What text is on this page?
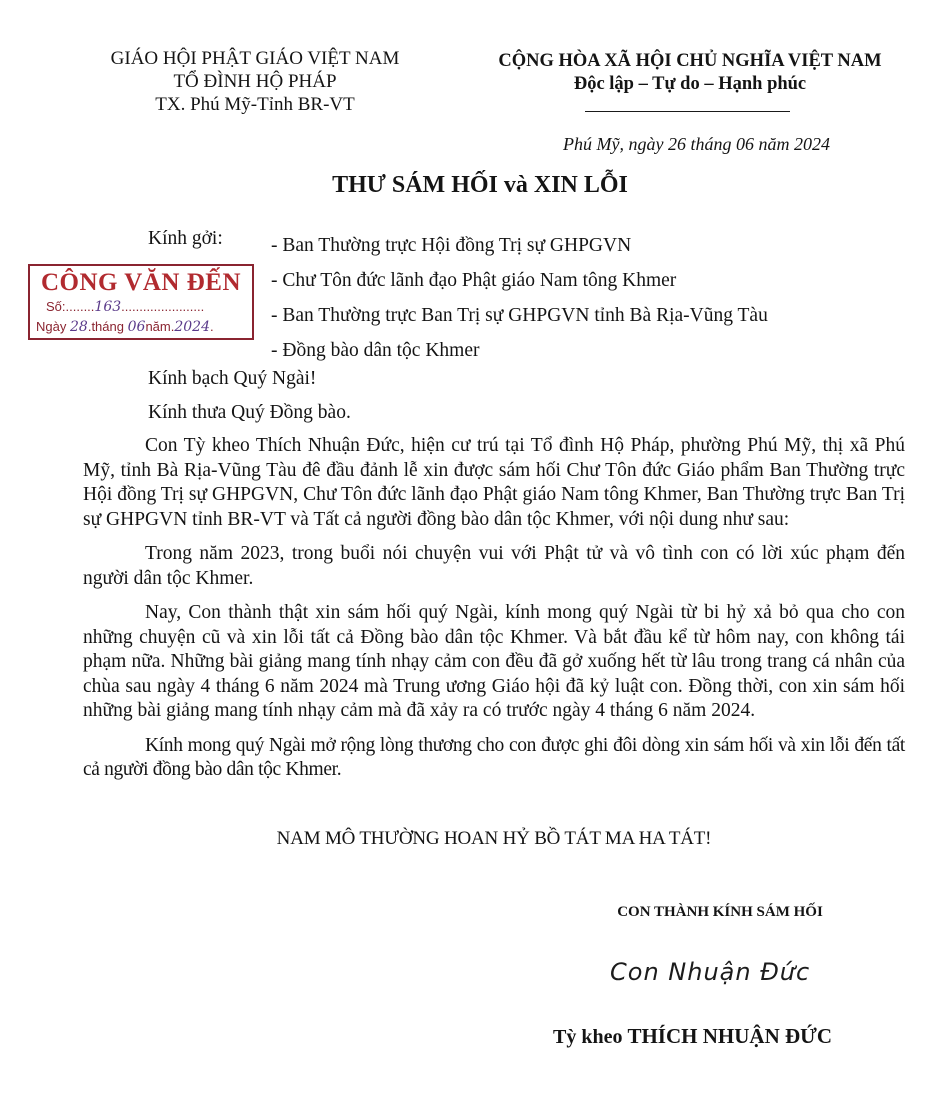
GIÁO HỘI PHẬT GIÁO VIỆT NAM
TỔ ĐÌNH HỘ PHÁP
TX. Phú Mỹ-Tỉnh BR-VT
CỘNG HÒA XÃ HỘI CHỦ NGHĨA VIỆT NAM
Độc lập – Tự do – Hạnh phúc
Phú Mỹ, ngày 26 tháng 06 năm 2024
THƯ SÁM HỐI và XIN LỖI
Kính gởi: - Ban Thường trực Hội đồng Trị sự GHPGVN
- Chư Tôn đức lãnh đạo Phật giáo Nam tông Khmer
- Ban Thường trực Ban Trị sự GHPGVN tỉnh Bà Rịa-Vũng Tàu
- Đồng bào dân tộc Khmer
CÔNG VĂN ĐẾN
Số:........163.......................
Ngày 28.tháng 06năm.2024.
Kính bạch Quý Ngài!
Kính thưa Quý Đồng bào.

Con Tỳ kheo Thích Nhuận Đức, hiện cư trú tại Tổ đình Hộ Pháp, phường Phú Mỹ, thị xã Phú Mỹ, tỉnh Bà Rịa-Vũng Tàu đê đầu đảnh lễ xin được sám hối Chư Tôn đức Giáo phẩm Ban Thường trực Hội đồng Trị sự GHPGVN, Chư Tôn đức lãnh đạo Phật giáo Nam tông Khmer, Ban Thường trực Ban Trị sự GHPGVN tỉnh BR-VT và Tất cả người đồng bào dân tộc Khmer, với nội dung như sau:

Trong năm 2023, trong buổi nói chuyện vui với Phật tử và vô tình con có lời xúc phạm đến người dân tộc Khmer.

Nay, Con thành thật xin sám hối quý Ngài, kính mong quý Ngài từ bi hỷ xả bỏ qua cho con những chuyện cũ và xin lỗi tất cả Đồng bào dân tộc Khmer. Và bắt đầu kể từ hôm nay, con không tái phạm nữa. Những bài giảng mang tính nhạy cảm con đều đã gở xuống hết từ lâu trong trang cá nhân của chùa sau ngày 4 tháng 6 năm 2024 mà Trung ương Giáo hội đã kỷ luật con. Đồng thời, con xin sám hối những bài giảng mang tính nhạy cảm mà đã xảy ra có trước ngày 4 tháng 6 năm 2024.

Kính mong quý Ngài mở rộng lòng thương cho con được ghi đôi dòng xin sám hối và xin lỗi đến tất cả người đồng bào dân tộc Khmer.

NAM MÔ THƯỜNG HOAN HỶ BỒ TÁT MA HA TÁT!
CON THÀNH KÍNH SÁM HỐI
Con Nhuận Đức
Tỳ kheo THÍCH NHUẬN ĐỨC
